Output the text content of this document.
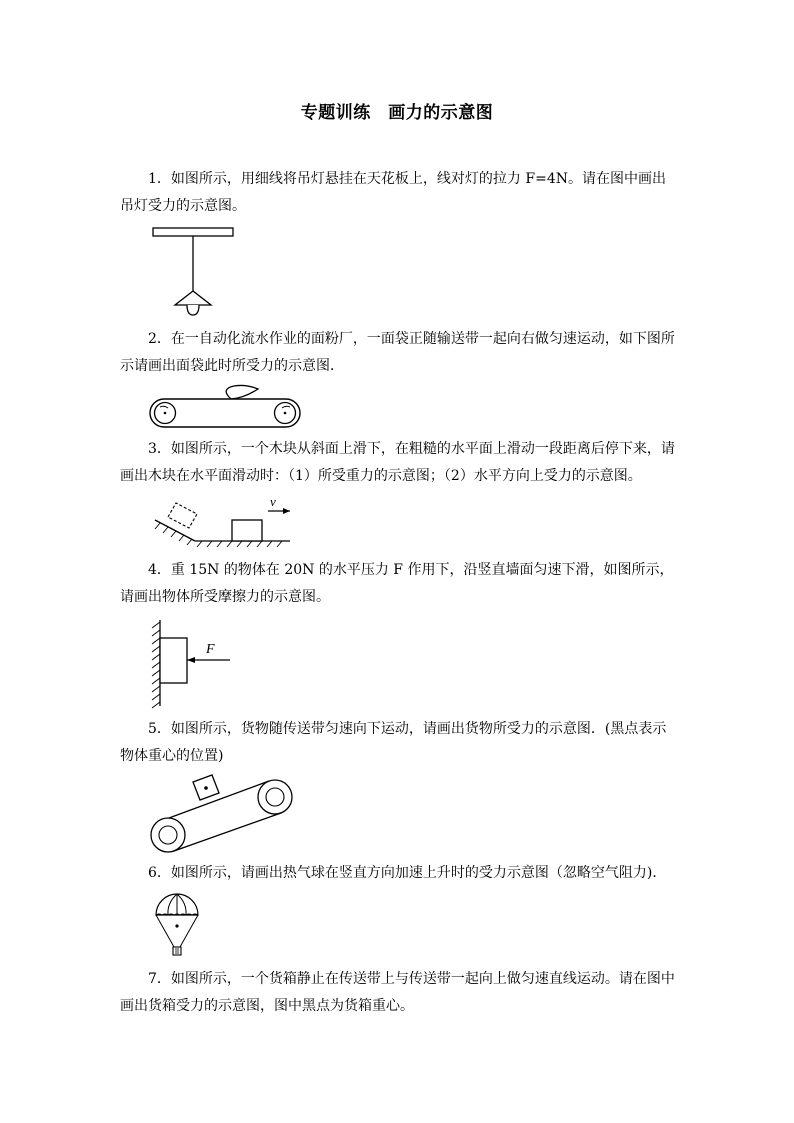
专题训练　画力的示意图
1．如图所示，用细线将吊灯悬挂在天花板上，线对灯的拉力 F=4N。请在图中画出吊灯受力的示意图。
2．在一自动化流水作业的面粉厂，一面袋正随输送带一起向右做匀速运动，如下图所示请画出面袋此时所受力的示意图．
3．如图所示，一个木块从斜面上滑下，在粗糙的水平面上滑动一段距离后停下来，请画出木块在水平面滑动时：（1）所受重力的示意图；（2）水平方向上受力的示意图。
v
4．重 15N 的物体在 20N 的水平压力 F 作用下，沿竖直墙面匀速下滑，如图所示，请画出物体所受摩擦力的示意图。
F
5．如图所示，货物随传送带匀速向下运动，请画出货物所受力的示意图．(黑点表示物体重心的位置)
6．如图所示，请画出热气球在竖直方向加速上升时的受力示意图（忽略空气阻力)．
7．如图所示，一个货箱静止在传送带上与传送带一起向上做匀速直线运动。请在图中画出货箱受力的示意图，图中黑点为货箱重心。
